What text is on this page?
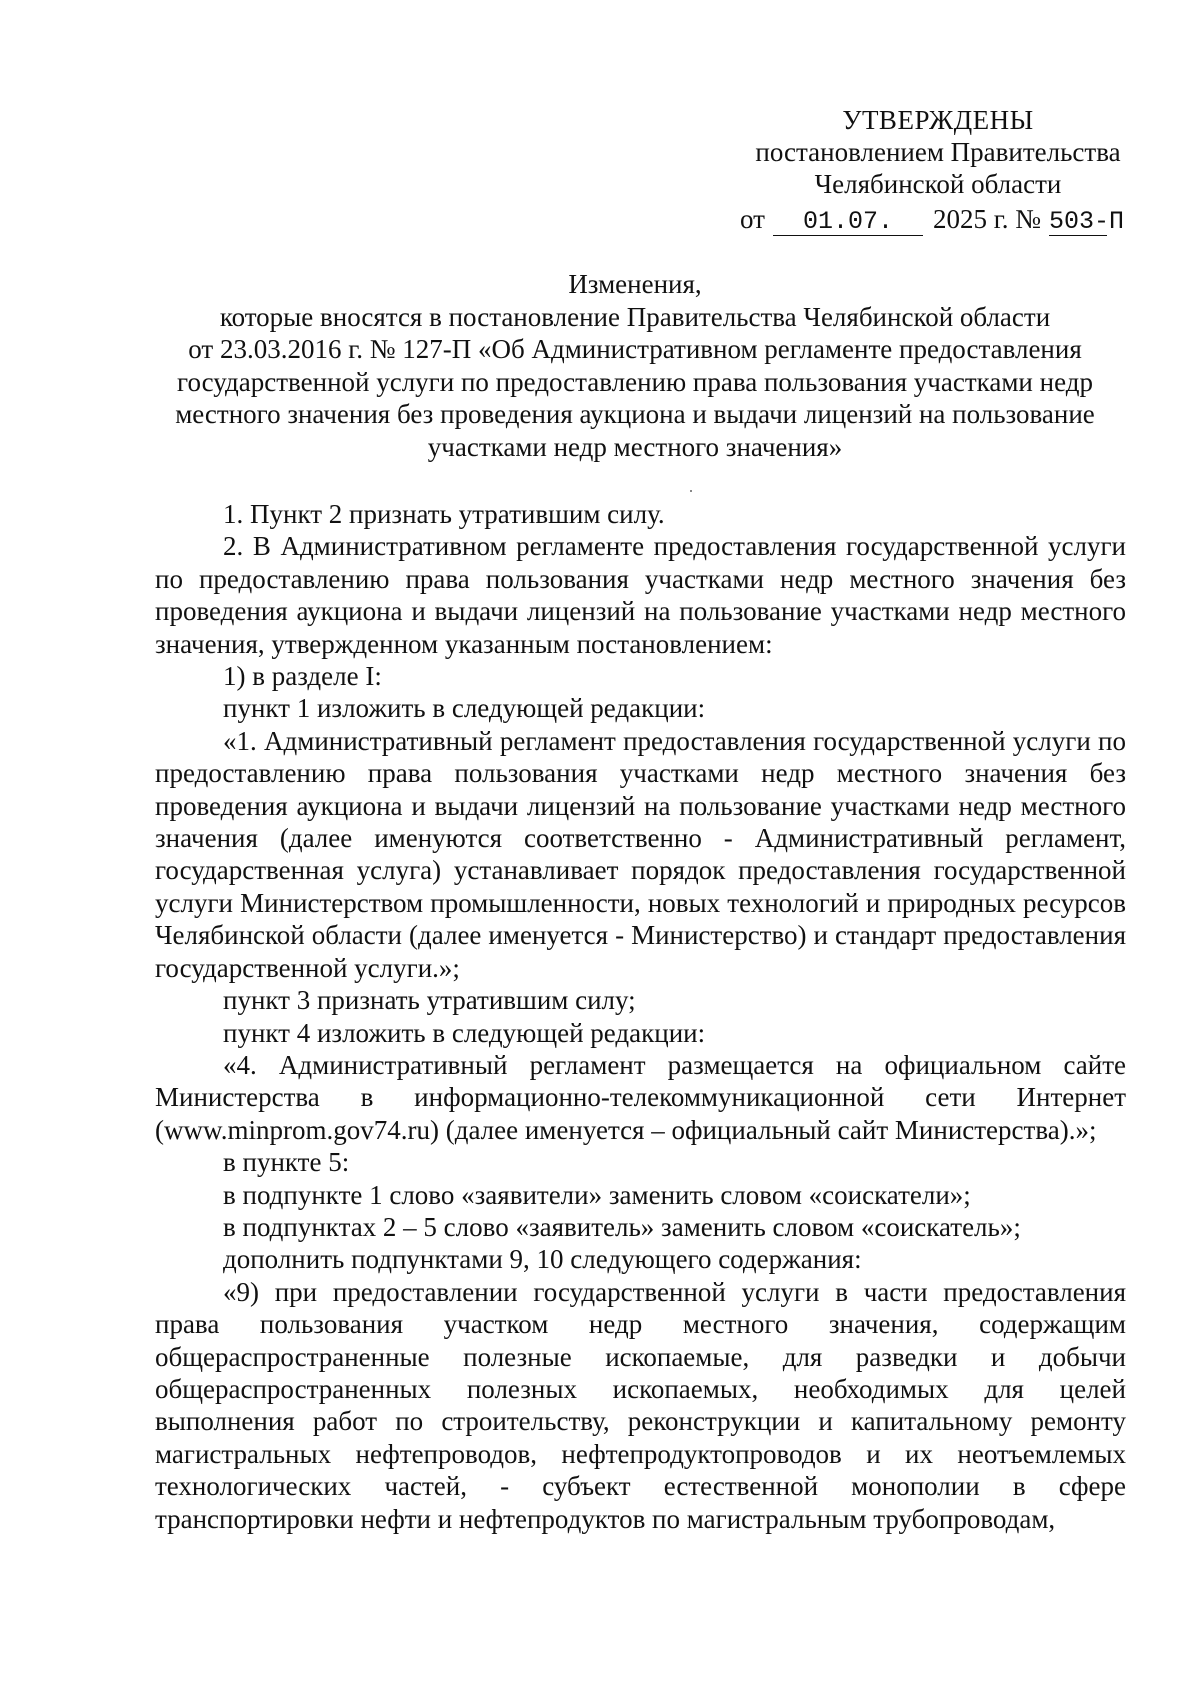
УТВЕРЖДЕНЫ
постановлением Правительства
Челябинской области
от 01.07. 2025 г. № 503-П

Изменения,

которые вносятся в постановление Правительства Челябинской области

от 23.03.2016 г. № 127-П «Об Административном регламенте предоставления

государственной услуги по предоставлению права пользования участками недр

местного значения без проведения аукциона и выдачи лицензий на пользование

участками недр местного значения»

1. Пункт 2 признать утратившим силу.

2. В Административном регламенте предоставления государственной услуги по предоставлению права пользования участками недр местного значения без проведения аукциона и выдачи лицензий на пользование участками недр местного значения, утвержденном указанным постановлением:

1) в разделе I:

пункт 1 изложить в следующей редакции:

«1. Административный регламент предоставления государственной услуги по предоставлению права пользования участками недр местного значения без проведения аукциона и выдачи лицензий на пользование участками недр местного значения (далее именуются соответственно - Административный регламент, государственная услуга) устанавливает порядок предоставления государственной услуги Министерством промышленности, новых технологий и природных ресурсов Челябинской области (далее именуется - Министерство) и стандарт предоставления государственной услуги.»;

пункт 3 признать утратившим силу;

пункт 4 изложить в следующей редакции:

«4. Административный регламент размещается на официальном сайте Министерства в информационно-телекоммуникационной сети Интернет (www.minprom.gov74.ru) (далее именуется – официальный сайт Министерства).»;

в пункте 5:

в подпункте 1 слово «заявители» заменить словом «соискатели»;

в подпунктах 2 – 5 слово «заявитель» заменить словом «соискатель»;

дополнить подпунктами 9, 10 следующего содержания:

«9) при предоставлении государственной услуги в части предоставления права пользования участком недр местного значения, содержащим общераспространенные полезные ископаемые, для разведки и добычи общераспространенных полезных ископаемых, необходимых для целей выполнения работ по строительству, реконструкции и капитальному ремонту магистральных нефтепроводов, нефтепродуктопроводов и их неотъемлемых технологических частей, - субъект естественной монополии в сфере транспортировки нефти и нефтепродуктов по магистральным трубопроводам,
